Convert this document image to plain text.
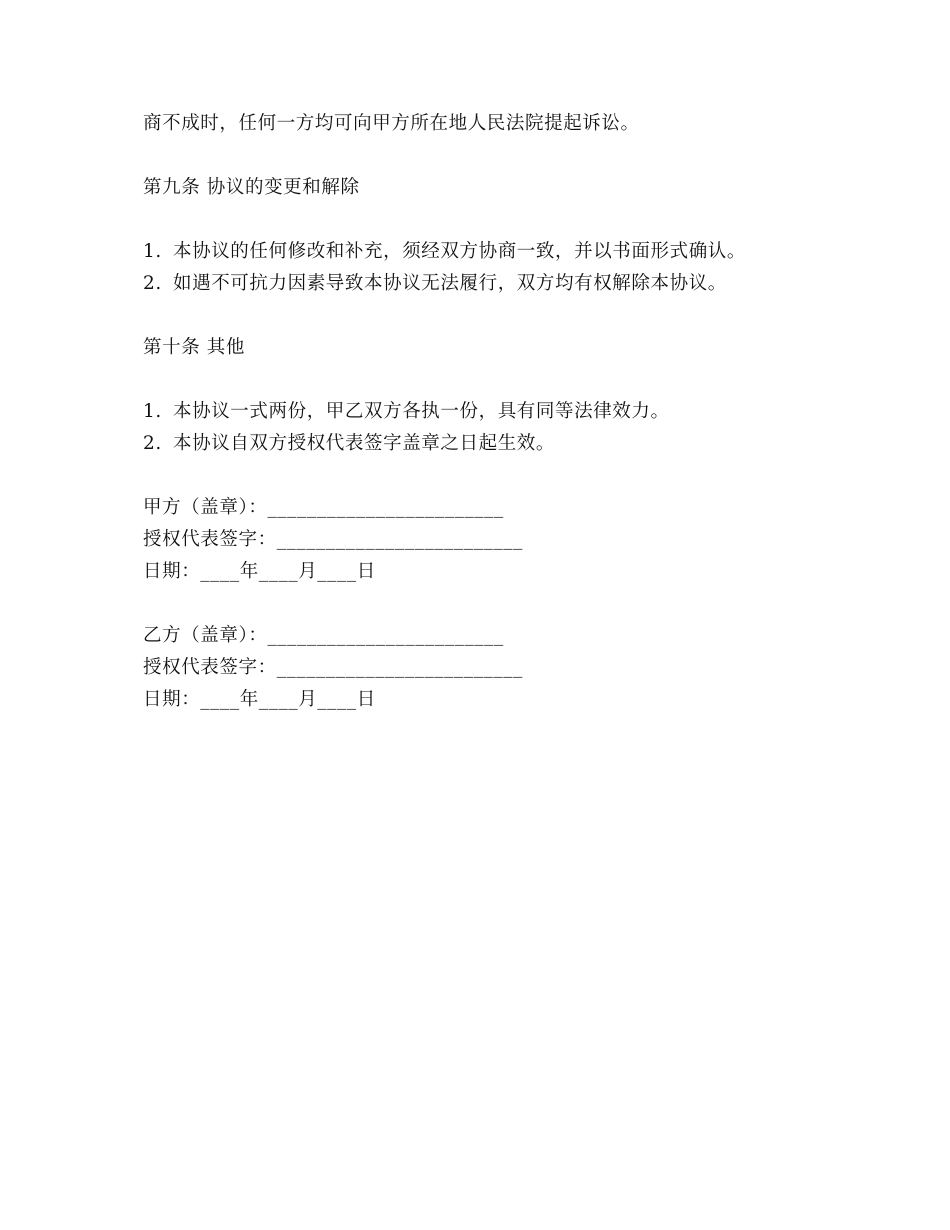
商不成时，任何一方均可向甲方所在地人民法院提起诉讼。

第九条 协议的变更和解除

1. 本协议的任何修改和补充，须经双方协商一致，并以书面形式确认。

2. 如遇不可抗力因素导致本协议无法履行，双方均有权解除本协议。

第十条 其他

1. 本协议一式两份，甲乙双方各执一份，具有同等法律效力。

2. 本协议自双方授权代表签字盖章之日起生效。

甲方（盖章）：________________________

授权代表签字：_________________________

日期：____年____月____日

乙方（盖章）：________________________

授权代表签字：_________________________

日期：____年____月____日
